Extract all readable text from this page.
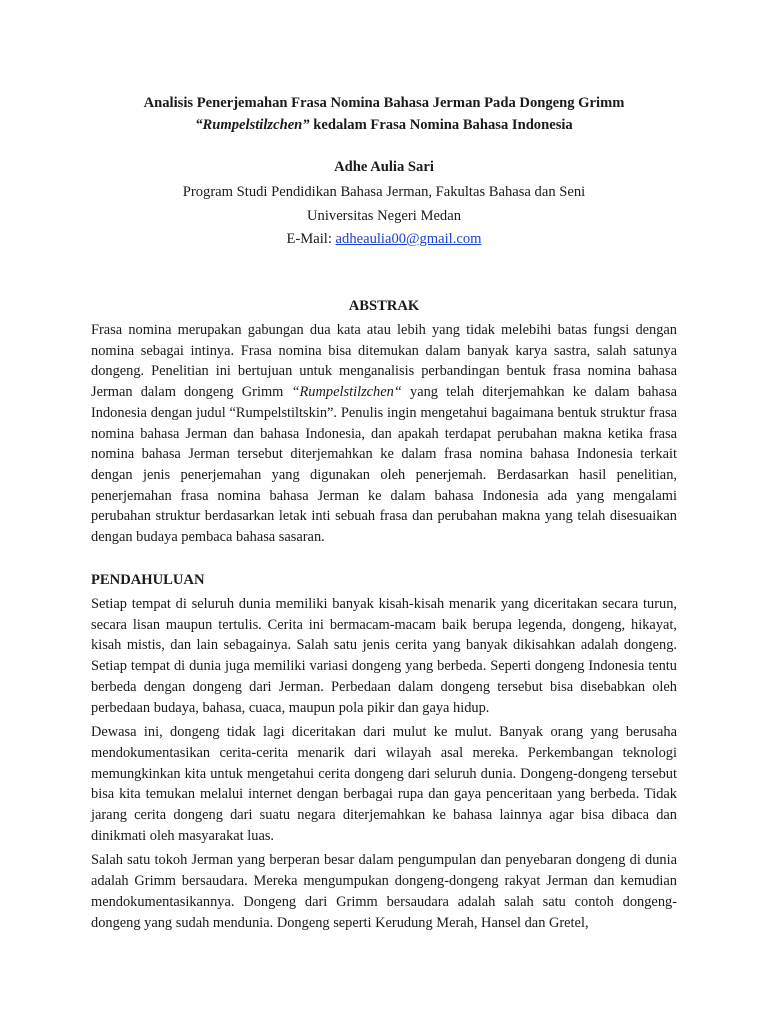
Analisis Penerjemahan Frasa Nomina Bahasa Jerman Pada Dongeng Grimm
“Rumpelstilzchen” kedalam Frasa Nomina Bahasa Indonesia
Adhe Aulia Sari
Program Studi Pendidikan Bahasa Jerman, Fakultas Bahasa dan Seni
Universitas Negeri Medan
E-Mail: adheaulia00@gmail.com
ABSTRAK
Frasa nomina merupakan gabungan dua kata atau lebih yang tidak melebihi batas fungsi dengan nomina sebagai intinya. Frasa nomina bisa ditemukan dalam banyak karya sastra, salah satunya dongeng. Penelitian ini bertujuan untuk menganalisis perbandingan bentuk frasa nomina bahasa Jerman dalam dongeng Grimm “Rumpelstilzchen“ yang telah diterjemahkan ke dalam bahasa Indonesia dengan judul “Rumpelstiltskin”. Penulis ingin mengetahui bagaimana bentuk struktur frasa nomina bahasa Jerman dan bahasa Indonesia, dan apakah terdapat perubahan makna ketika frasa nomina bahasa Jerman tersebut diterjemahkan ke dalam frasa nomina bahasa Indonesia terkait dengan jenis penerjemahan yang digunakan oleh penerjemah. Berdasarkan hasil penelitian, penerjemahan frasa nomina bahasa Jerman ke dalam bahasa Indonesia ada yang mengalami perubahan struktur berdasarkan letak inti sebuah frasa dan perubahan makna yang telah disesuaikan dengan budaya pembaca bahasa sasaran.
PENDAHULUAN

Setiap tempat di seluruh dunia memiliki banyak kisah-kisah menarik yang diceritakan secara turun, secara lisan maupun tertulis. Cerita ini bermacam-macam baik berupa legenda, dongeng, hikayat, kisah mistis, dan lain sebagainya. Salah satu jenis cerita yang banyak dikisahkan adalah dongeng. Setiap tempat di dunia juga memiliki variasi dongeng yang berbeda. Seperti dongeng Indonesia tentu berbeda dengan dongeng dari Jerman. Perbedaan dalam dongeng tersebut bisa disebabkan oleh perbedaan budaya, bahasa, cuaca, maupun pola pikir dan gaya hidup.

Dewasa ini, dongeng tidak lagi diceritakan dari mulut ke mulut. Banyak orang yang berusaha mendokumentasikan cerita-cerita menarik dari wilayah asal mereka. Perkembangan teknologi memungkinkan kita untuk mengetahui cerita dongeng dari seluruh dunia. Dongeng-dongeng tersebut bisa kita temukan melalui internet dengan berbagai rupa dan gaya penceritaan yang berbeda. Tidak jarang cerita dongeng dari suatu negara diterjemahkan ke bahasa lainnya agar bisa dibaca dan dinikmati oleh masyarakat luas.

Salah satu tokoh Jerman yang berperan besar dalam pengumpulan dan penyebaran dongeng di dunia adalah Grimm bersaudara. Mereka mengumpukan dongeng-dongeng rakyat Jerman dan kemudian mendokumentasikannya. Dongeng dari Grimm bersaudara adalah salah satu contoh dongeng-dongeng yang sudah mendunia. Dongeng seperti Kerudung Merah, Hansel dan Gretel,
